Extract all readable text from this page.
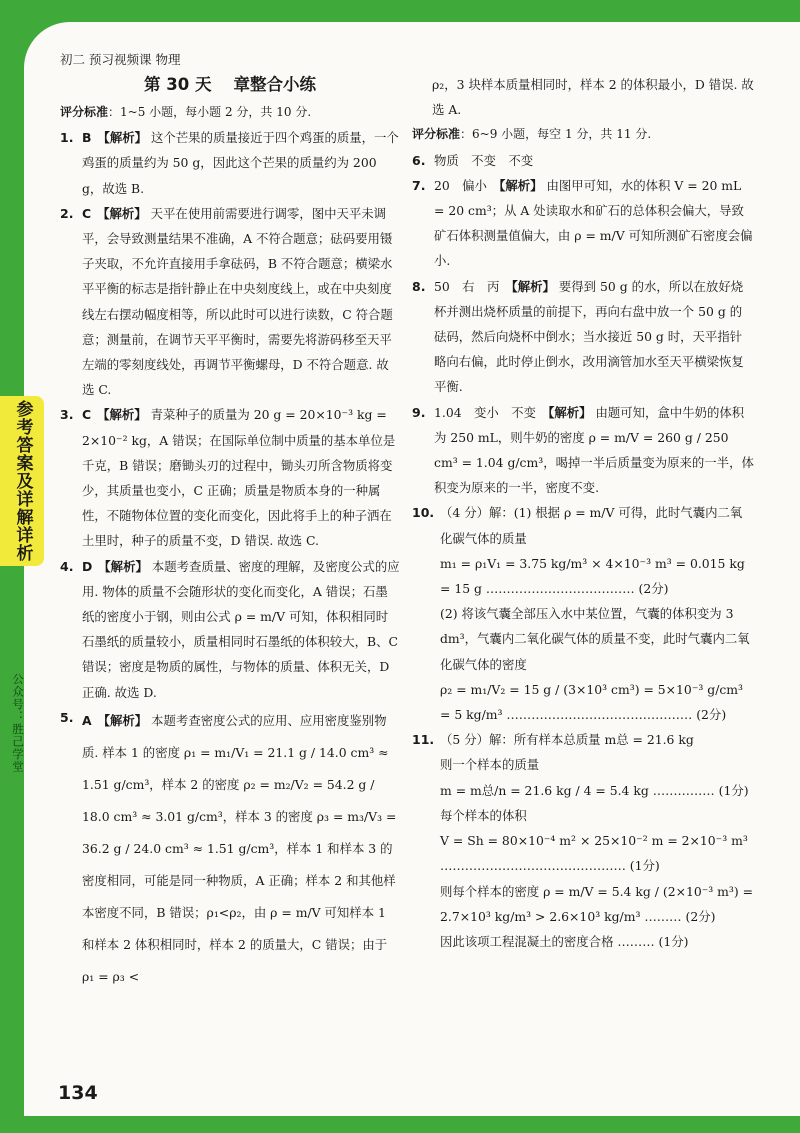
初二 预习视频课 物理
参考答案及详解详析
公众号：胜己学堂
第 30 天 章整合小练

评分标准：1~5 小题，每小题 2 分，共 10 分.

1. B 【解析】 这个芒果的质量接近于四个鸡蛋的质量，一个鸡蛋的质量约为 50 g，因此这个芒果的质量约为 200 g，故选 B.
2. C 【解析】 天平在使用前需要进行调零，图中天平未调平，会导致测量结果不准确，A 不符合题意；砝码要用镊子夹取，不允许直接用手拿砝码，B 不符合题意；横梁水平平衡的标志是指针静止在中央刻度线上，或在中央刻度线左右摆动幅度相等，所以此时可以进行读数，C 符合题意；测量前，在调节天平平衡时，需要先将游码移至天平左端的零刻度线处，再调节平衡螺母，D 不符合题意. 故选 C.
3. C 【解析】 青菜种子的质量为 20 g = 20×10⁻³ kg = 2×10⁻² kg，A 错误；在国际单位制中质量的基本单位是千克，B 错误；磨锄头刃的过程中，锄头刃所含物质将变少，其质量也变小，C 正确；质量是物质本身的一种属性，不随物体位置的变化而变化，因此将手上的种子洒在土里时，种子的质量不变，D 错误. 故选 C.
4. D 【解析】 本题考查质量、密度的理解，及密度公式的应用. 物体的质量不会随形状的变化而变化，A 错误；石墨纸的密度小于钢，则由公式 ρ = m/V 可知，体积相同时石墨纸的质量较小，质量相同时石墨纸的体积较大，B、C 错误；密度是物质的属性，与物体的质量、体积无关，D 正确. 故选 D.
5. A 【解析】 本题考查密度公式的应用、应用密度鉴别物质. 样本 1 的密度 ρ₁ = m₁/V₁ = 21.1 g / 14.0 cm³ ≈ 1.51 g/cm³，样本 2 的密度 ρ₂ = m₂/V₂ = 54.2 g / 18.0 cm³ ≈ 3.01 g/cm³，样本 3 的密度 ρ₃ = m₃/V₃ = 36.2 g / 24.0 cm³ ≈ 1.51 g/cm³，样本 1 和样本 3 的密度相同，可能是同一种物质，A 正确；样本 2 和其他样本密度不同，B 错误；ρ₁<ρ₂，由 ρ = m/V 可知样本 1 和样本 2 体积相同时，样本 2 的质量大，C 错误；由于 ρ₁ = ρ₃ <

ρ₂，3 块样本质量相同时，样本 2 的体积最小，D 错误. 故选 A.

评分标准：6~9 小题，每空 1 分，共 11 分.

6. 物质　不变　不变
7. 20　偏小 【解析】 由图甲可知，水的体积 V = 20 mL = 20 cm³；从 A 处读取水和矿石的总体积会偏大，导致矿石体积测量值偏大，由 ρ = m/V 可知所测矿石密度会偏小.
8. 50　右　丙 【解析】 要得到 50 g 的水，所以在放好烧杯并测出烧杯质量的前提下，再向右盘中放一个 50 g 的砝码，然后向烧杯中倒水；当水接近 50 g 时，天平指针略向右偏，此时停止倒水，改用滴管加水至天平横梁恢复平衡.
9. 1.04　变小　不变 【解析】 由题可知，盒中牛奶的体积为 250 mL，则牛奶的密度 ρ = m/V = 260 g / 250 cm³ = 1.04 g/cm³，喝掉一半后质量变为原来的一半，体积变为原来的一半，密度不变.
10. （4 分）解：(1) 根据 ρ = m/V 可得，此时气囊内二氧化碳气体的质量

m₁ = ρ₁V₁ = 3.75 kg/m³ × 4×10⁻³ m³ = 0.015 kg = 15 g ……………………………… (2分)

(2) 将该气囊全部压入水中某位置，气囊的体积变为 3 dm³，气囊内二氧化碳气体的质量不变，此时气囊内二氧化碳气体的密度

ρ₂ = m₁/V₂ = 15 g / (3×10³ cm³) = 5×10⁻³ g/cm³ = 5 kg/m³ ……………………………………… (2分)

11. （5 分）解：所有样本总质量 m总 = 21.6 kg

则一个样本的质量

m = m总/n = 21.6 kg / 4 = 5.4 kg …………… (1分)

每个样本的体积

V = Sh = 80×10⁻⁴ m² × 25×10⁻² m = 2×10⁻³ m³ ……………………………………… (1分)

则每个样本的密度 ρ = m/V = 5.4 kg / (2×10⁻³ m³) = 2.7×10³ kg/m³ > 2.6×10³ kg/m³ ……… (2分)

因此该项工程混凝土的密度合格 ……… (1分)

134
